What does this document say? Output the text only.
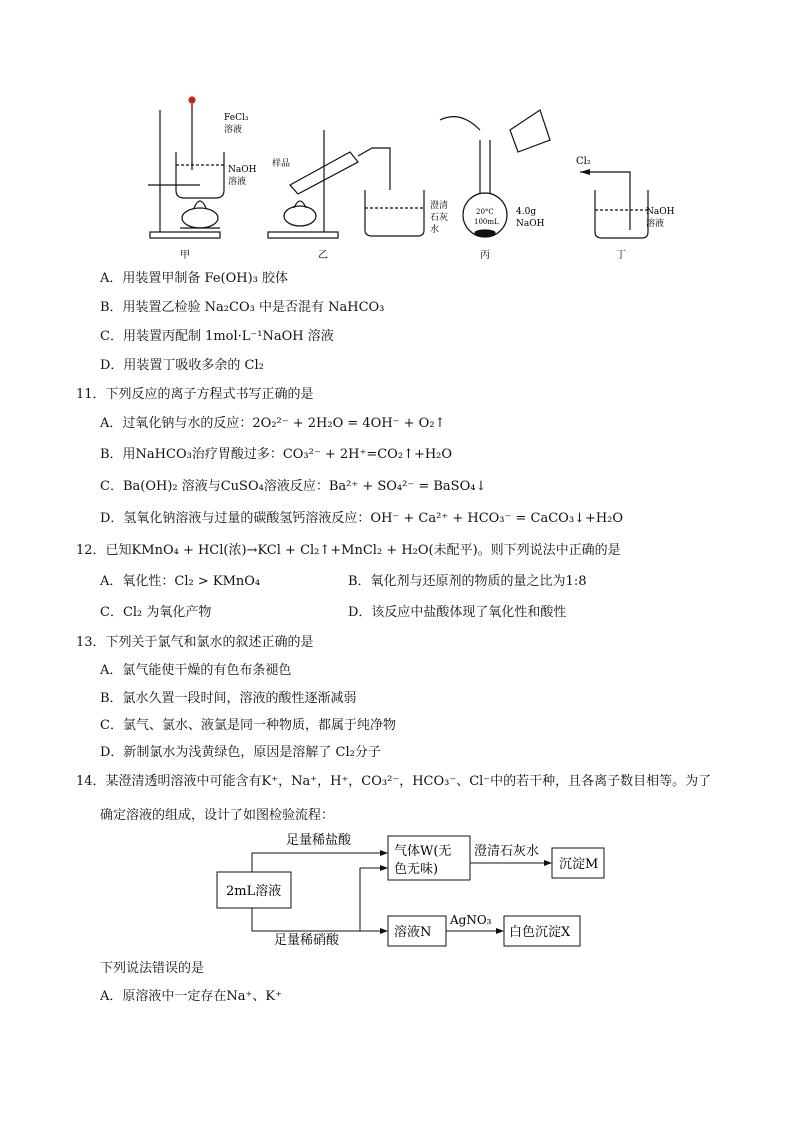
FeCl₃
溶液
NaOH
溶液
甲
样品
澄清
石灰
水
乙
20°C
100mL
4.0g
NaOH
丙
Cl₂
NaOH
溶液
丁
A．用装置甲制备 Fe(OH)₃ 胶体
B．用装置乙检验 Na₂CO₃ 中是否混有 NaHCO₃
C．用装置丙配制 1mol·L⁻¹NaOH 溶液
D．用装置丁吸收多余的 Cl₂
11．下列反应的离子方程式书写正确的是
A．过氧化钠与水的反应：2O₂²⁻ + 2H₂O = 4OH⁻ + O₂↑
B．用NaHCO₃治疗胃酸过多：CO₃²⁻ + 2H⁺=CO₂↑+H₂O
C．Ba(OH)₂ 溶液与CuSO₄溶液反应：Ba²⁺ + SO₄²⁻ = BaSO₄↓
D．氢氧化钠溶液与过量的碳酸氢钙溶液反应：OH⁻ + Ca²⁺ + HCO₃⁻ = CaCO₃↓+H₂O
12．已知KMnO₄ + HCl(浓)→KCl + Cl₂↑+MnCl₂ + H₂O(未配平)。则下列说法中正确的是
A．氧化性：Cl₂ > KMnO₄	B．氧化剂与还原剂的物质的量之比为1:8
C．Cl₂ 为氧化产物	D．该反应中盐酸体现了氧化性和酸性
13．下列关于氯气和氯水的叙述正确的是
A．氯气能使干燥的有色布条褪色
B．氯水久置一段时间，溶液的酸性逐渐减弱
C．氯气、氯水、液氯是同一种物质，都属于纯净物
D．新制氯水为浅黄绿色，原因是溶解了 Cl₂分子
14．某澄清透明溶液中可能含有K⁺，Na⁺，H⁺，CO₃²⁻，HCO₃⁻、Cl⁻中的若干种，且各离子数目相等。为了
确定溶液的组成，设计了如图检验流程：
足量稀盐酸
2mL溶液
气体W(无
色无味)
澄清石灰水
沉淀M
足量稀硝酸
溶液N
AgNO₃
白色沉淀X
下列说法错误的是
A．原溶液中一定存在Na⁺、K⁺
